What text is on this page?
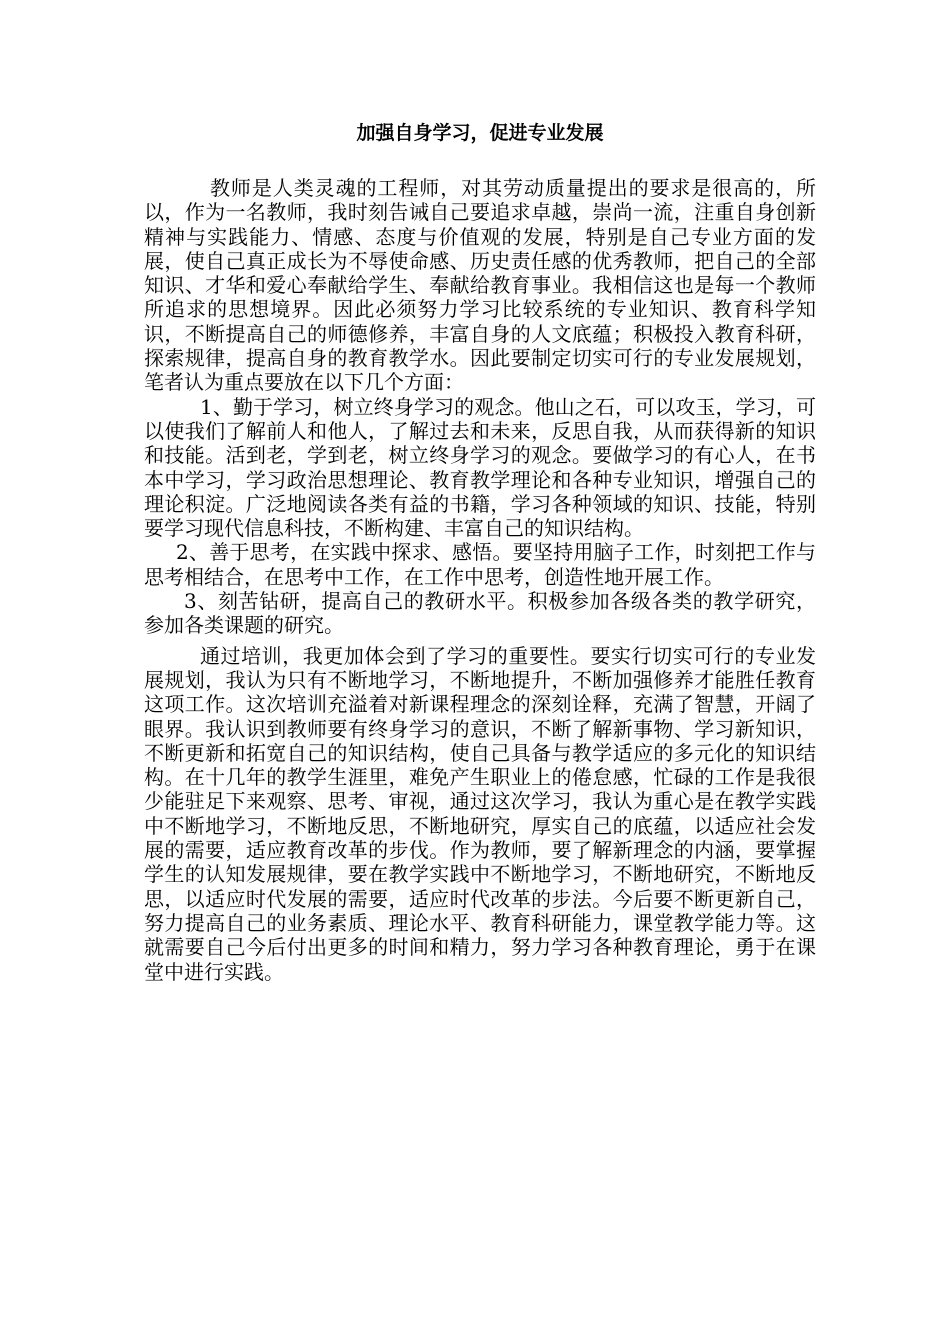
加强自身学习，促进专业发展

教师是人类灵魂的工程师，对其劳动质量提出的要求是很高的，所以，作为一名教师，我时刻告诫自己要追求卓越，崇尚一流，注重自身创新精神与实践能力、情感、态度与价值观的发展，特别是自己专业方面的发展，使自己真正成长为不辱使命感、历史责任感的优秀教师，把自己的全部知识、才华和爱心奉献给学生、奉献给教育事业。我相信这也是每一个教师所追求的思想境界。因此必须努力学习比较系统的专业知识、教育科学知识，不断提高自己的师德修养，丰富自身的人文底蕴；积极投入教育科研，探索规律，提高自身的教育教学水。因此要制定切实可行的专业发展规划，笔者认为重点要放在以下几个方面：

1、勤于学习，树立终身学习的观念。他山之石，可以攻玉，学习，可以使我们了解前人和他人，了解过去和未来，反思自我，从而获得新的知识和技能。活到老，学到老，树立终身学习的观念。要做学习的有心人，在书本中学习，学习政治思想理论、教育教学理论和各种专业知识，增强自己的理论积淀。广泛地阅读各类有益的书籍，学习各种领域的知识、技能，特别要学习现代信息科技，不断构建、丰富自己的知识结构。

2、善于思考，在实践中探求、感悟。要坚持用脑子工作，时刻把工作与思考相结合，在思考中工作，在工作中思考，创造性地开展工作。

3、刻苦钻研，提高自己的教研水平。积极参加各级各类的教学研究，参加各类课题的研究。

通过培训，我更加体会到了学习的重要性。要实行切实可行的专业发展规划，我认为只有不断地学习，不断地提升，不断加强修养才能胜任教育这项工作。这次培训充溢着对新课程理念的深刻诠释，充满了智慧，开阔了眼界。我认识到教师要有终身学习的意识，不断了解新事物、学习新知识，不断更新和拓宽自己的知识结构，使自己具备与教学适应的多元化的知识结构。在十几年的教学生涯里，难免产生职业上的倦怠感，忙碌的工作是我很少能驻足下来观察、思考、审视，通过这次学习，我认为重心是在教学实践中不断地学习，不断地反思，不断地研究，厚实自己的底蕴，以适应社会发展的需要，适应教育改革的步伐。作为教师，要了解新理念的内涵，要掌握学生的认知发展规律，要在教学实践中不断地学习，不断地研究，不断地反思，以适应时代发展的需要，适应时代改革的步法。今后要不断更新自己，努力提高自己的业务素质、理论水平、教育科研能力，课堂教学能力等。这就需要自己今后付出更多的时间和精力，努力学习各种教育理论，勇于在课堂中进行实践。
